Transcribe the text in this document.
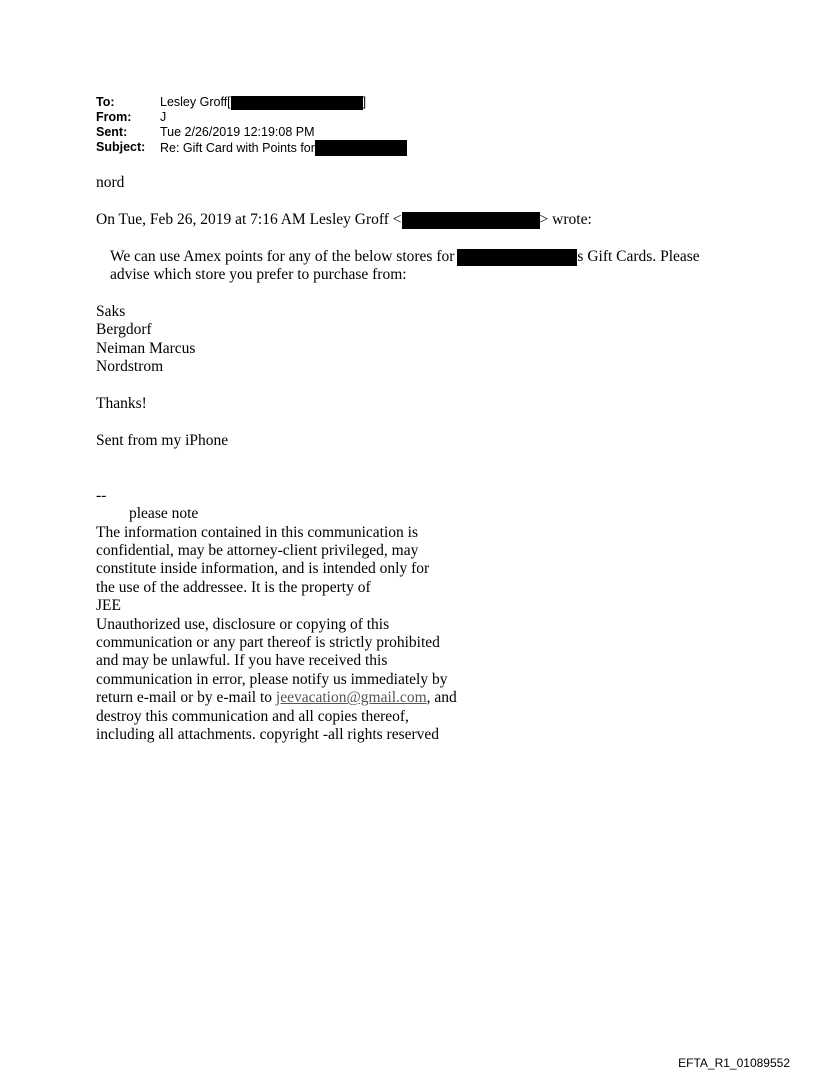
To:	Lesley Groff[	]
From:	J
Sent:	Tue 2/26/2019 12:19:08 PM
Subject:	Re: Gift Card with Points for

nord

On Tue, Feb 26, 2019 at 7:16 AM Lesley Groff <	> wrote:

We can use Amex points for any of the below stores for	s Gift Cards. Please

advise which store you prefer to purchase from:

Saks

Bergdorf

Neiman Marcus

Nordstrom

Thanks!

Sent from my iPhone

--

please note

The information contained in this communication is

confidential, may be attorney-client privileged, may

constitute inside information, and is intended only for

the use of the addressee. It is the property of

JEE

Unauthorized use, disclosure or copying of this

communication or any part thereof is strictly prohibited

and may be unlawful. If you have received this

communication in error, please notify us immediately by

return e-mail or by e-mail to jeevacation@gmail.com, and

destroy this communication and all copies thereof,

including all attachments. copyright -all rights reserved

EFTA_R1_01089552
